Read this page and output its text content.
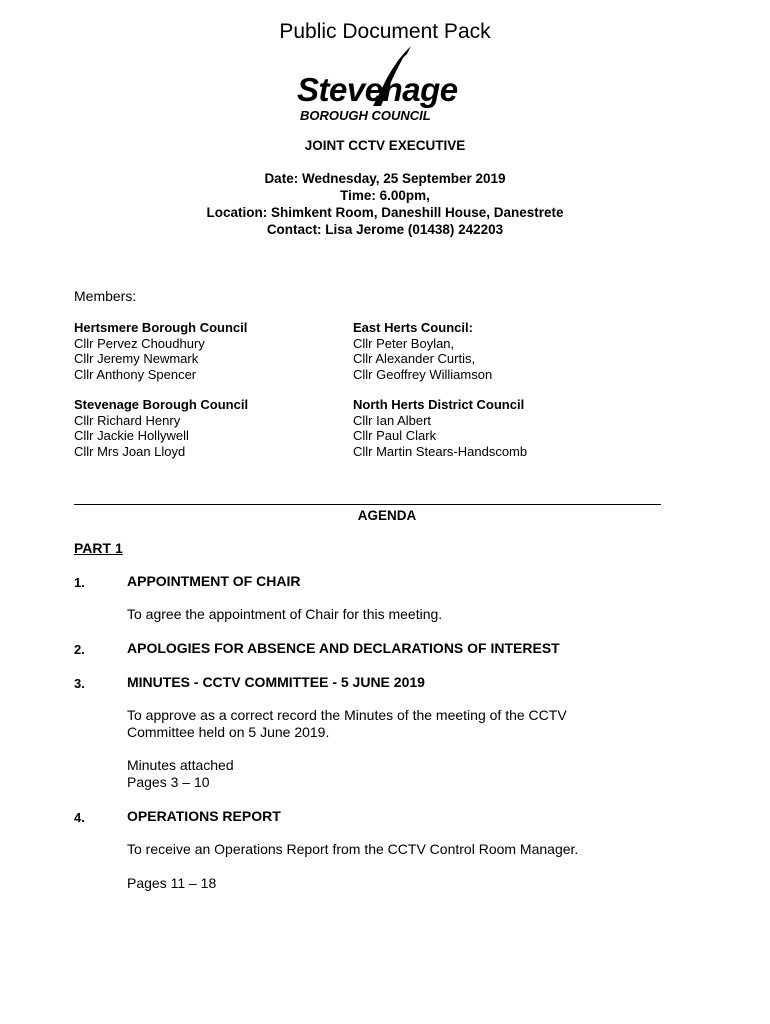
Public Document Pack
Stevenage
BOROUGH COUNCIL
JOINT CCTV EXECUTIVE
Date: Wednesday, 25 September 2019
Time: 6.00pm,
Location: Shimkent Room, Daneshill House, Danestrete
Contact: Lisa Jerome (01438) 242203
Members:
Hertsmere Borough Council
Cllr Pervez Choudhury
Cllr Jeremy Newmark
Cllr Anthony Spencer
East Herts Council:
Cllr Peter Boylan,
Cllr Alexander Curtis,
Cllr Geoffrey Williamson
Stevenage Borough Council
Cllr Richard Henry
Cllr Jackie Hollywell
Cllr Mrs Joan Lloyd
North Herts District Council
Cllr Ian Albert
Cllr Paul Clark
Cllr Martin Stears-Handscomb
AGENDA
PART 1
1.	APPOINTMENT OF CHAIR
To agree the appointment of Chair for this meeting.
2.	APOLOGIES FOR ABSENCE AND DECLARATIONS OF INTEREST
3.	MINUTES - CCTV COMMITTEE - 5 JUNE 2019
To approve as a correct record the Minutes of the meeting of the CCTV
Committee held on 5 June 2019.
Minutes attached
Pages 3 – 10
4.	OPERATIONS REPORT
To receive an Operations Report from the CCTV Control Room Manager.
Pages 11 – 18
